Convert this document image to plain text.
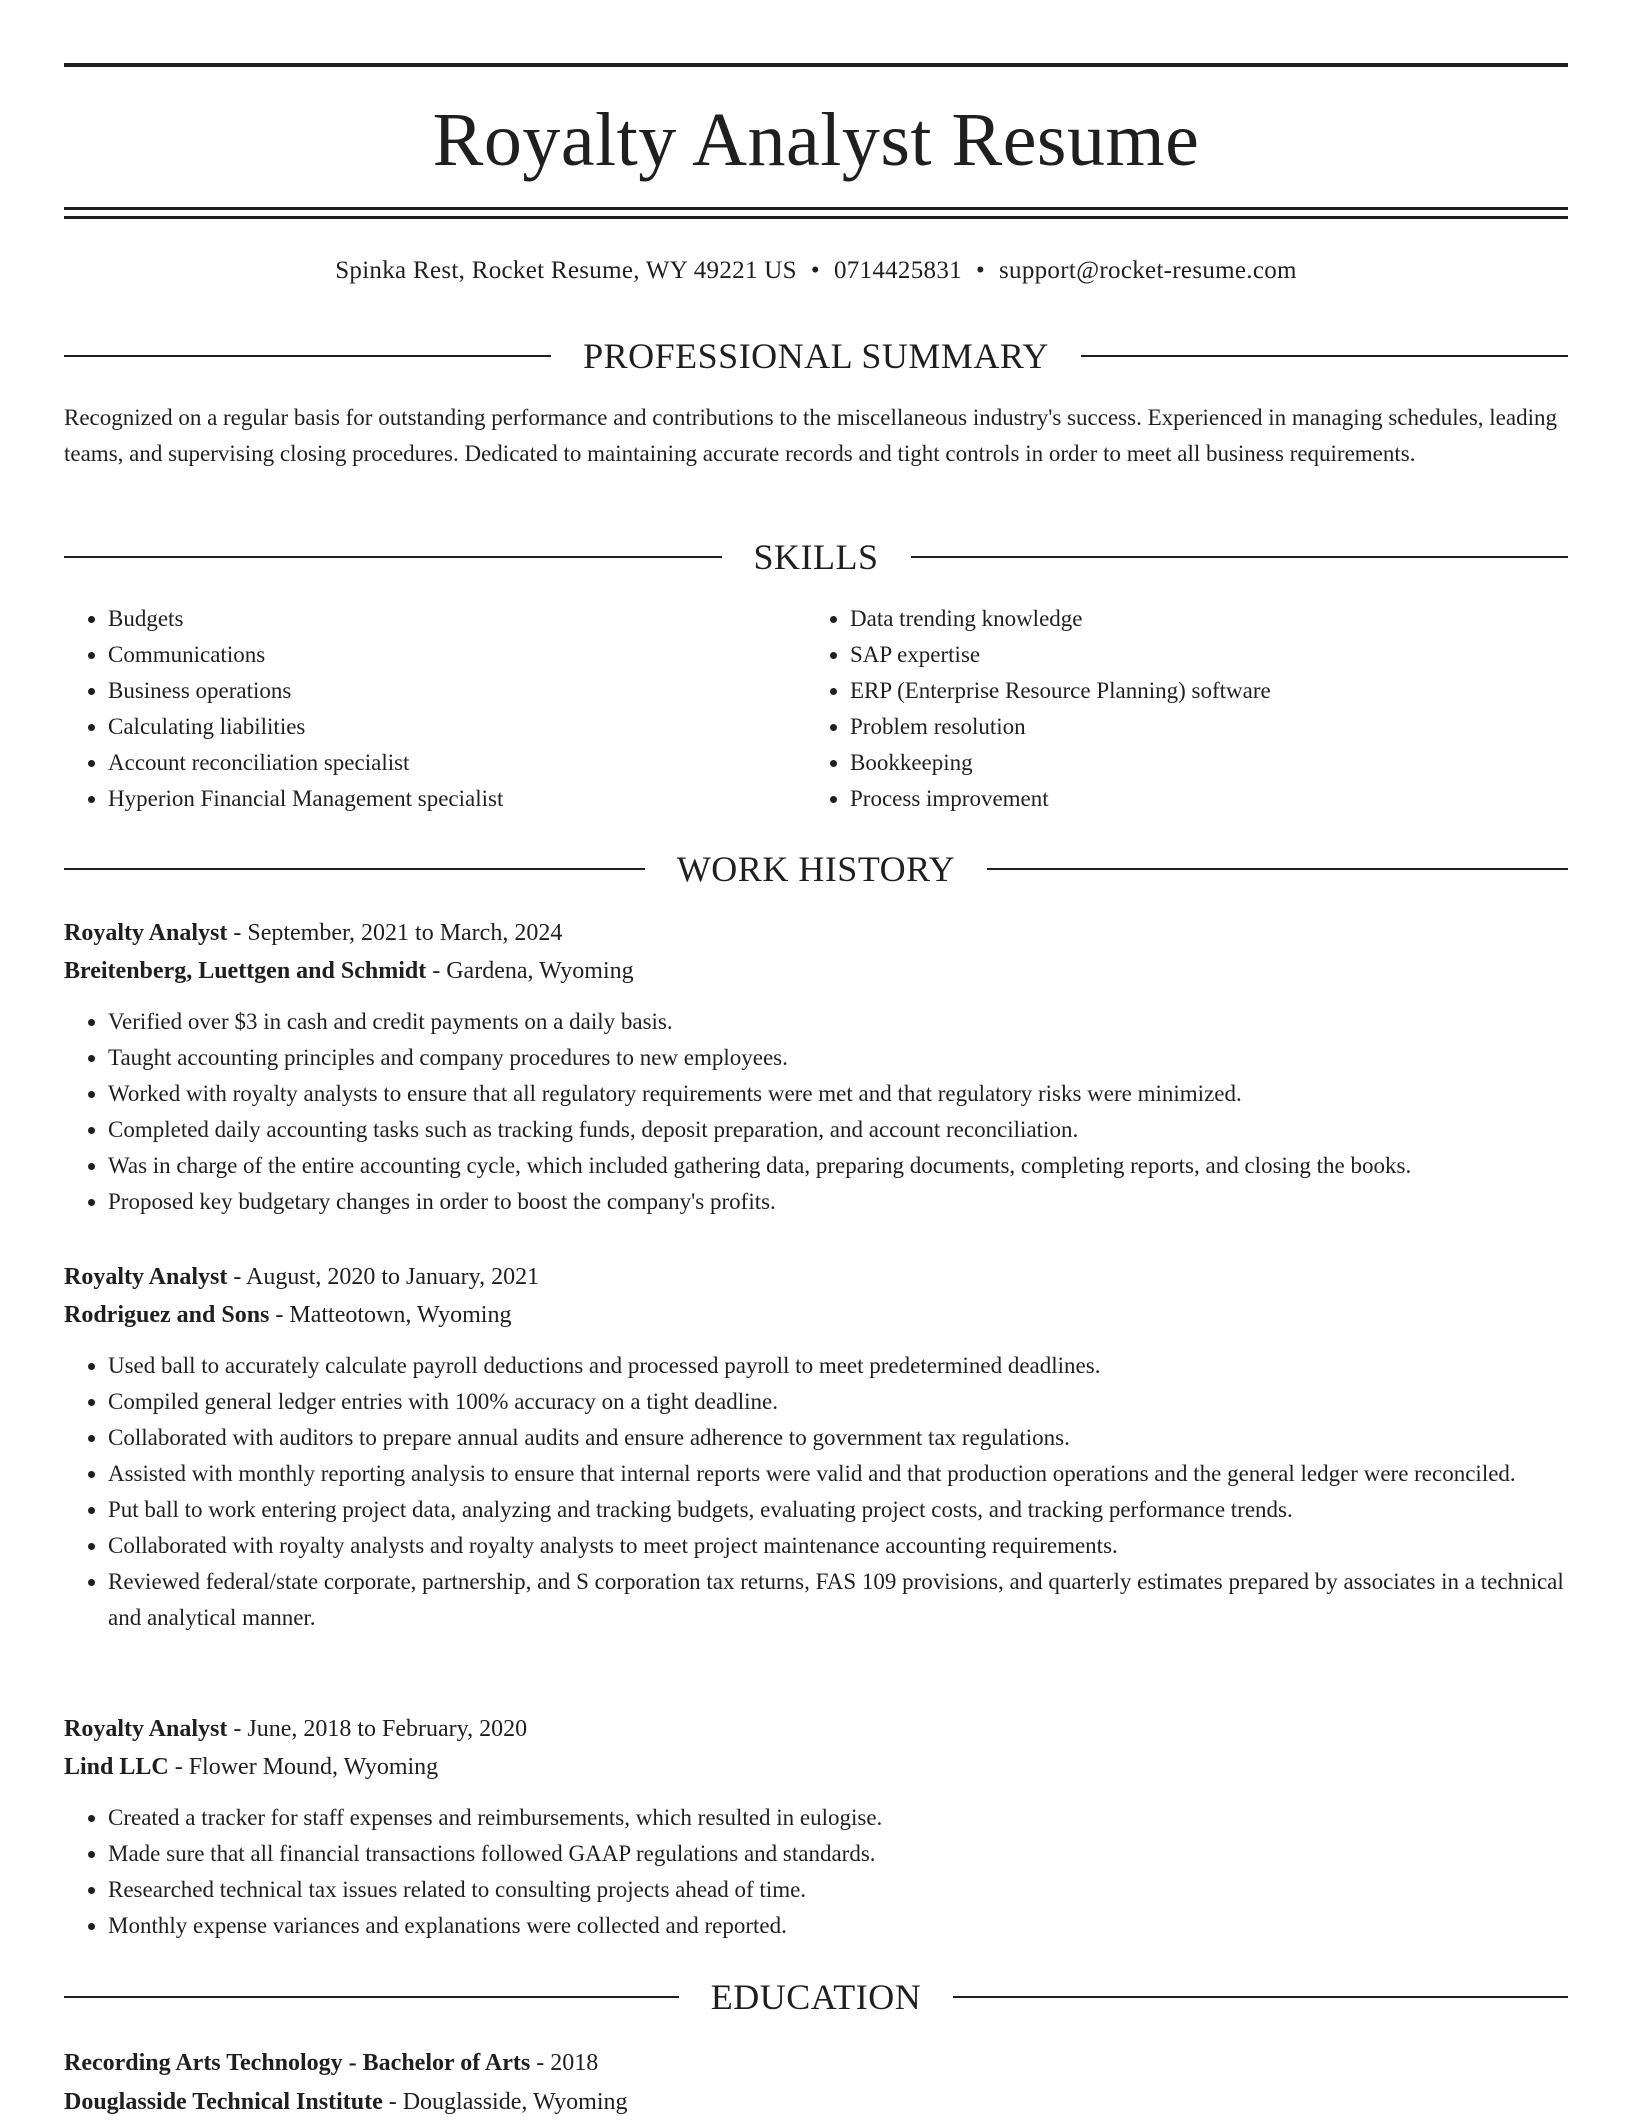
Royalty Analyst Resume
Spinka Rest, Rocket Resume, WY 49221 US • 0714425831 • support@rocket-resume.com
PROFESSIONAL SUMMARY

Recognized on a regular basis for outstanding performance and contributions to the miscellaneous industry's success. Experienced in managing schedules, leading teams, and supervising closing procedures. Dedicated to maintaining accurate records and tight controls in order to meet all business requirements.

SKILLS
• Budgets
• Communications
• Business operations
• Calculating liabilities
• Account reconciliation specialist
• Hyperion Financial Management specialist
• Data trending knowledge
• SAP expertise
• ERP (Enterprise Resource Planning) software
• Problem resolution
• Bookkeeping
• Process improvement
WORK HISTORY

Royalty Analyst - September, 2021 to March, 2024

Breitenberg, Luettgen and Schmidt - Gardena, Wyoming

• Verified over $3 in cash and credit payments on a daily basis.
• Taught accounting principles and company procedures to new employees.
• Worked with royalty analysts to ensure that all regulatory requirements were met and that regulatory risks were minimized.
• Completed daily accounting tasks such as tracking funds, deposit preparation, and account reconciliation.
• Was in charge of the entire accounting cycle, which included gathering data, preparing documents, completing reports, and closing the books.
• Proposed key budgetary changes in order to boost the company's profits.

Royalty Analyst - August, 2020 to January, 2021

Rodriguez and Sons - Matteotown, Wyoming

• Used ball to accurately calculate payroll deductions and processed payroll to meet predetermined deadlines.
• Compiled general ledger entries with 100% accuracy on a tight deadline.
• Collaborated with auditors to prepare annual audits and ensure adherence to government tax regulations.
• Assisted with monthly reporting analysis to ensure that internal reports were valid and that production operations and the general ledger were reconciled.
• Put ball to work entering project data, analyzing and tracking budgets, evaluating project costs, and tracking performance trends.
• Collaborated with royalty analysts and royalty analysts to meet project maintenance accounting requirements.
• Reviewed federal/state corporate, partnership, and S corporation tax returns, FAS 109 provisions, and quarterly estimates prepared by associates in a technical and analytical manner.

Royalty Analyst - June, 2018 to February, 2020

Lind LLC - Flower Mound, Wyoming

• Created a tracker for staff expenses and reimbursements, which resulted in eulogise.
• Made sure that all financial transactions followed GAAP regulations and standards.
• Researched technical tax issues related to consulting projects ahead of time.
• Monthly expense variances and explanations were collected and reported.
EDUCATION

Recording Arts Technology - Bachelor of Arts - 2018

Douglasside Technical Institute - Douglasside, Wyoming
